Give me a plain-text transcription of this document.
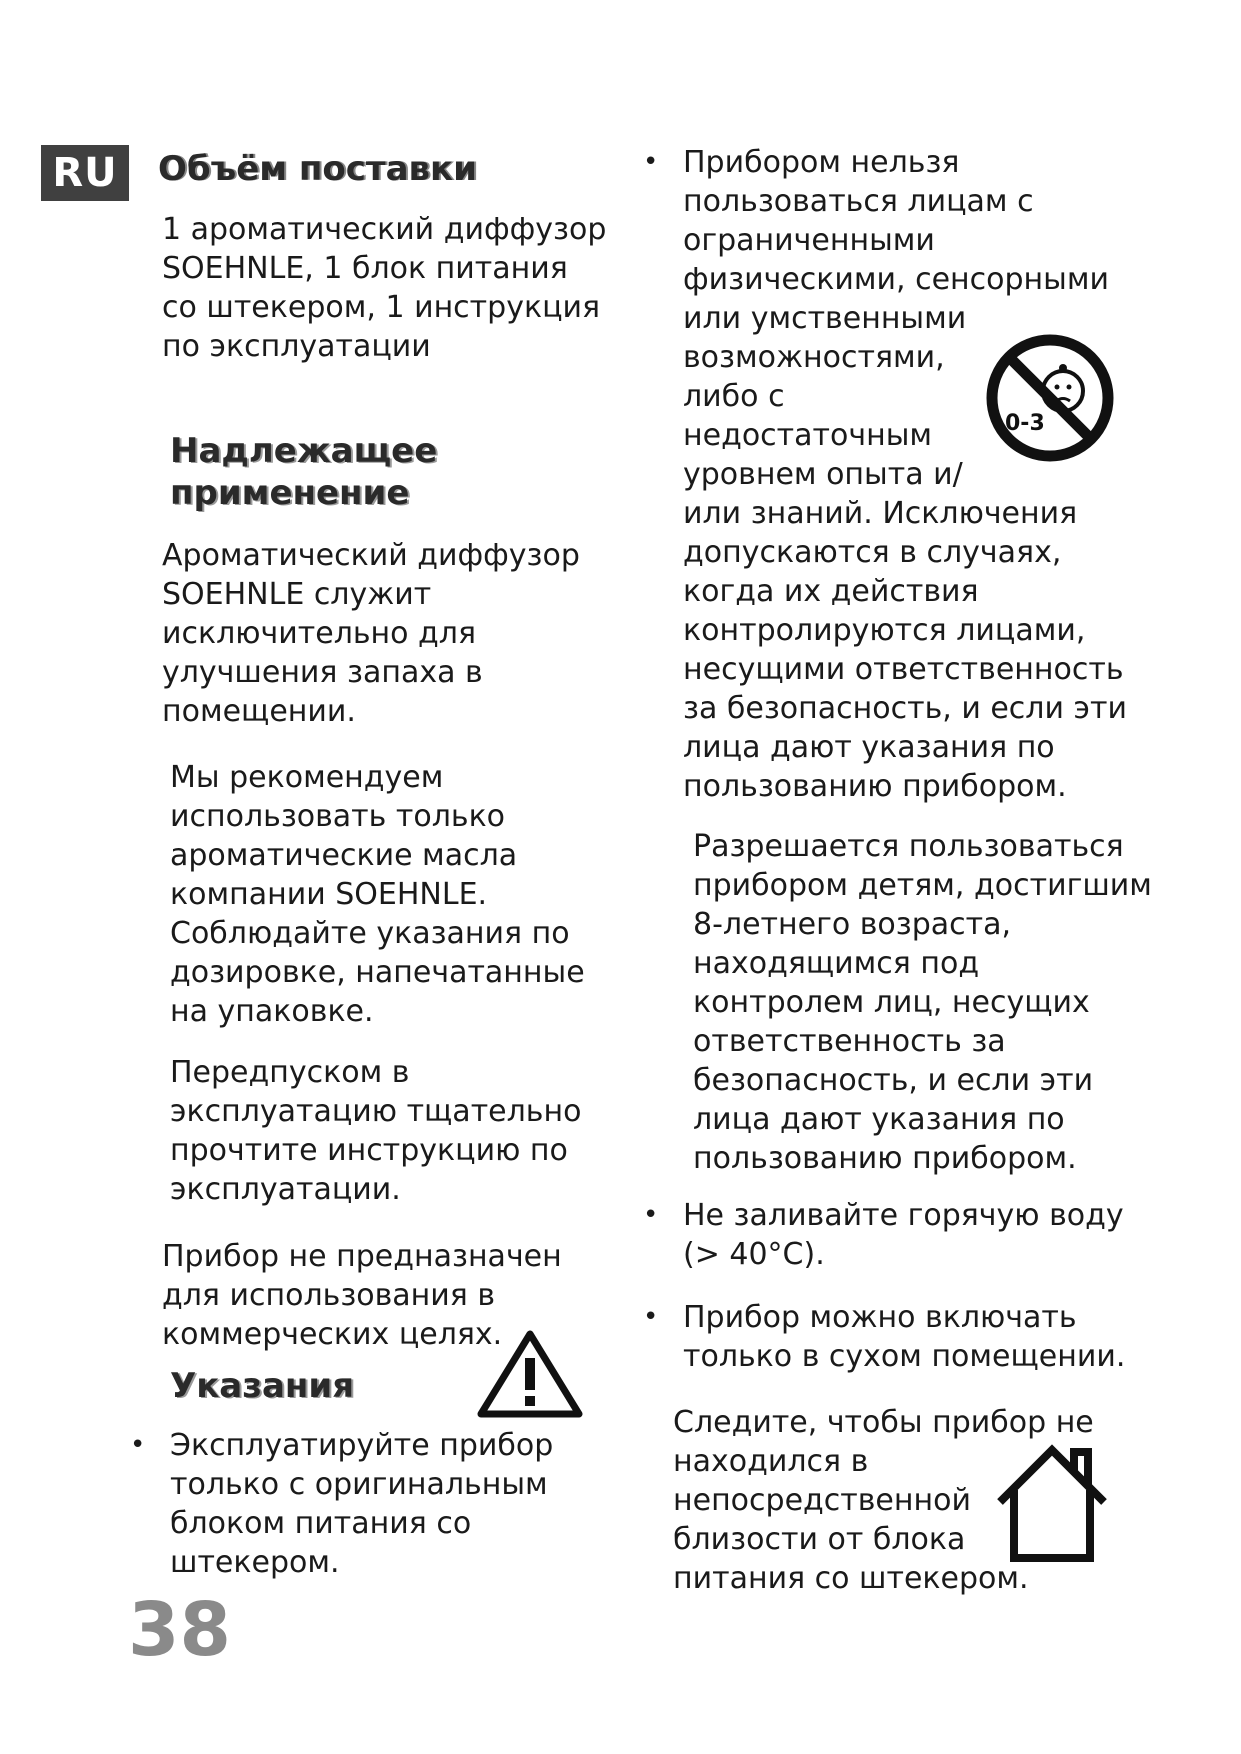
RU	Объём поставки

1 ароматический диффузор
SOEHNLE, 1 блок питания
со штекером, 1 инструкция
по эксплуатации

Надлежащее
применение

Ароматический диффузор
SOEHNLE служит
исключительно для
улучшения запаха в
помещении.

Мы рекомендуем
использовать только
ароматические масла
компании SOEHNLE.
Соблюдайте указания по
дозировке, напечатанные
на упаковке.

Передпуском в
эксплуатацию тщательно
прочтите инструкцию по
эксплуатации.

Прибор не предназначен
для использования в
коммерческих целях.

Указания
• Эксплуатируйте прибор
только с оригинальным
блоком питания со
штекером.

38
• Прибором нельзя
пользоваться лицам с
ограниченными
физическими, сенсорными
или умственными
возможностями,
либо с
недостаточным
уровнем опыта и/
или знаний. Исключения
допускаются в случаях,
когда их действия
контролируются лицами,
несущими ответственность
за безопасность, и если эти
лица дают указания по
пользованию прибором.

0-3

Разрешается пользоваться
прибором детям, достигшим
8-летнего возраста,
находящимся под
контролем лиц, несущих
ответственность за
безопасность, и если эти
лица дают указания по
пользованию прибором.

• Не заливайте горячую воду
(> 40°C).

• Прибор можно включать
только в сухом помещении.

Следите, чтобы прибор не
находился в
непосредственной
близости от блока
питания со штекером.
